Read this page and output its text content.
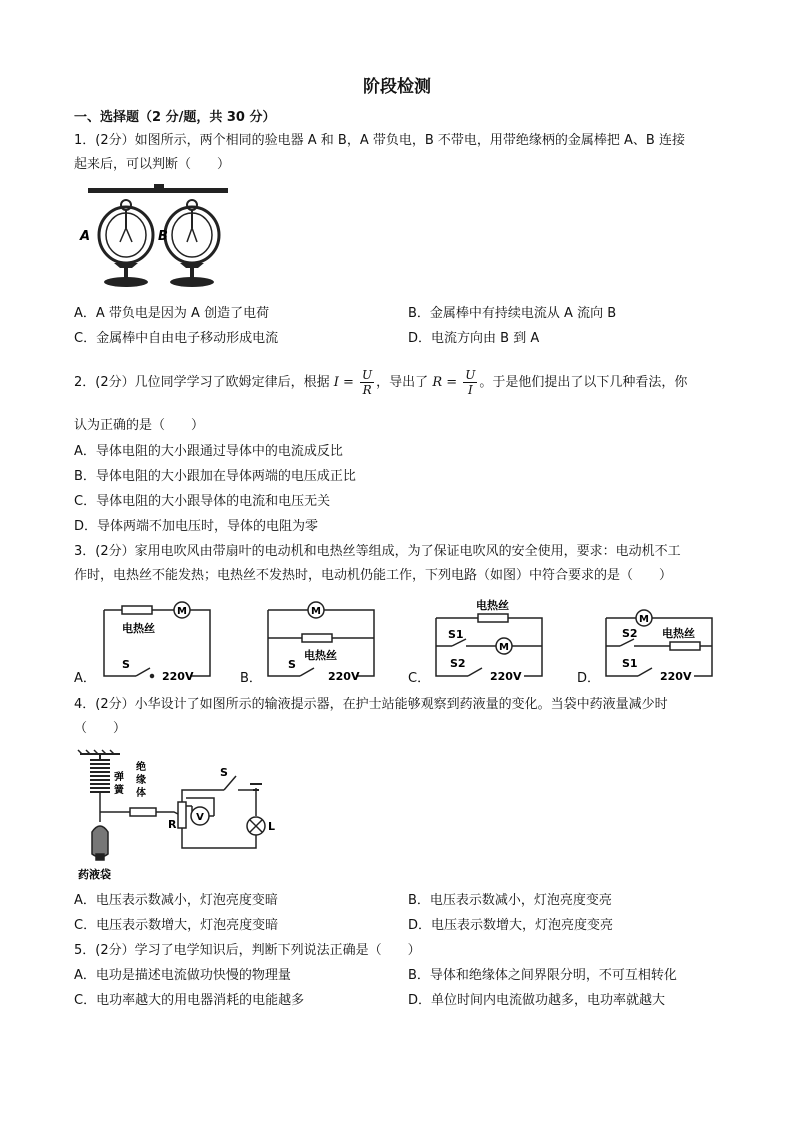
阶段检测
一、选择题（2 分/题，共 30 分）
1．(2分）如图所示，两个相同的验电器 A 和 B，A 带负电，B 不带电，用带绝缘柄的金属棒把 A、B 连接
起来后，可以判断（　　）
A	B
A．A 带负电是因为 A 创造了电荷	B．金属棒中有持续电流从 A 流向 B
C．金属棒中自由电子移动形成电流	D．电流方向由 B 到 A
2．(2分）几位同学学习了欧姆定律后，根据 $I = \frac{U}{R}$ ，导出了 $R = \frac{U}{I}$ 。于是他们提出了以下几种看法，你
认为正确的是（　　）
A．导体电阻的大小跟通过导体中的电流成反比
B．导体电阻的大小跟加在导体两端的电压成正比
C．导体电阻的大小跟导体的电流和电压无关
D．导体两端不加电压时，导体的电阻为零
3．(2分）家用电吹风由带扇叶的电动机和电热丝等组成，为了保证电吹风的安全使用，要求：电动机不工
作时，电热丝不能发热；电热丝不发热时，电动机仍能工作，下列电路（如图）中符合要求的是（　　）
M
电热丝
S
220V
A．
M
电热丝
S
220V
B．
电热丝
M
S1
S2
220V
C．
M
电热丝
S2
S1
220V
D．
4．(2分）小华设计了如图所示的输液提示器，在护士站能够观察到药液量的变化。当袋中药液量减少时
（　　）
弹
簧
绝
缘
体
S
R
V
L
药液袋
A．电压表示数减小，灯泡亮度变暗	B．电压表示数减小，灯泡亮度变亮
C．电压表示数增大，灯泡亮度变暗	D．电压表示数增大，灯泡亮度变亮
5．(2分）学习了电学知识后，判断下列说法正确是（　　）
A．电功是描述电流做功快慢的物理量	B．导体和绝缘体之间界限分明，不可互相转化
C．电功率越大的用电器消耗的电能越多	D．单位时间内电流做功越多，电功率就越大
